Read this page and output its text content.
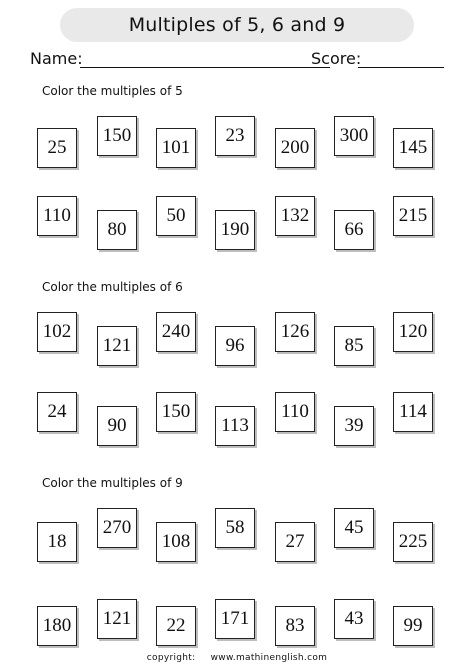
Multiples of 5, 6 and 9
Name:	Score:
Color the multiples of 5
25
150
101
23
200
300
145
110
80
50
190
132
66
215
Color the multiples of 6
102
121
240
96
126
85
120
24
90
150
113
110
39
114
Color the multiples of 9
18
270
108
58
27
45
225
180	121	22	171	83	43	99
copyright: www.mathinenglish.com
